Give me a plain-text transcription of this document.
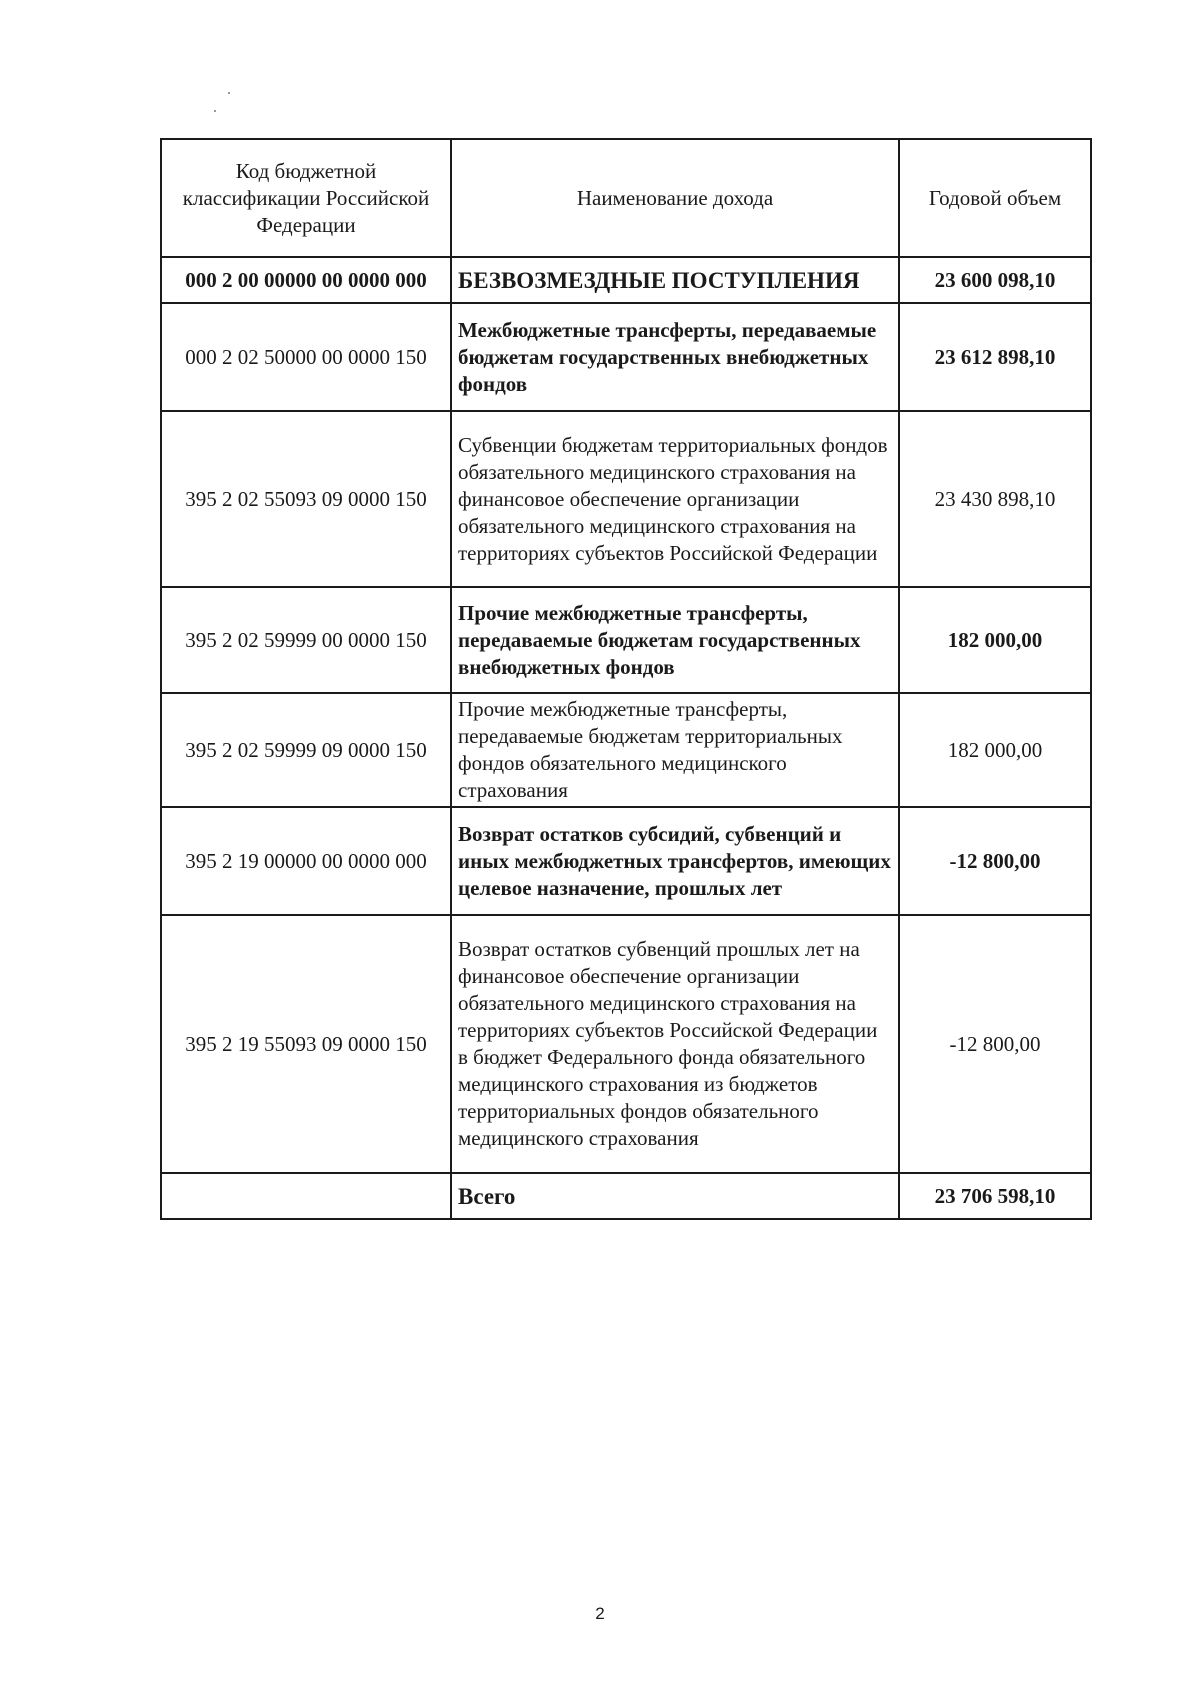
Код бюджетной классификации Российской Федерации	Наименование дохода	Годовой объем
000 2 00 00000 00 0000 000	БЕЗВОЗМЕЗДНЫЕ ПОСТУПЛЕНИЯ	23 600 098,10
000 2 02 50000 00 0000 150	Межбюджетные трансферты, передаваемые бюджетам государственных внебюджетных фондов	23 612 898,10
395 2 02 55093 09 0000 150	Субвенции бюджетам территориальных фондов обязательного медицинского страхования на финансовое обеспечение организации обязательного медицинского страхования на территориях субъектов Российской Федерации	23 430 898,10
395 2 02 59999 00 0000 150	Прочие межбюджетные трансферты, передаваемые бюджетам государственных внебюджетных фондов	182 000,00
395 2 02 59999 09 0000 150	Прочие межбюджетные трансферты, передаваемые бюджетам территориальных фондов обязательного медицинского страхования	182 000,00
395 2 19 00000 00 0000 000	Возврат остатков субсидий, субвенций и иных межбюджетных трансфертов, имеющих целевое назначение, прошлых лет	-12 800,00
395 2 19 55093 09 0000 150	Возврат остатков субвенций прошлых лет на финансовое обеспечение организации обязательного медицинского страхования на территориях субъектов Российской Федерации в бюджет Федерального фонда обязательного медицинского страхования из бюджетов территориальных фондов обязательного медицинского страхования	-12 800,00
	Всего	23 706 598,10
2
